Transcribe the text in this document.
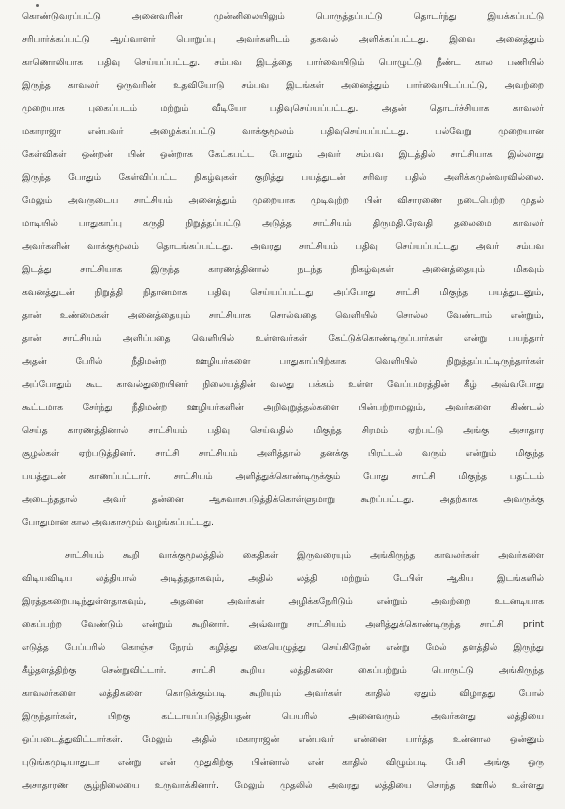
கொண்டுவரப்பட்டு அனைவரின் முன்னிலையிலும் பொருத்தப்பட்டு தொடர்ந்து இயக்கப்பட்டு
சரிபார்க்கப்பட்டு ஆய்வாளர் பொறுப்பு அவர்களிடம் தகவல் அளிக்கப்பட்டது. இவை அனைத்தும்
காணொலியாக பதிவு செய்யப்பட்டது. சம்பவ இடத்தை பார்வையிடும் பொழுட்டு நீண்ட கால பணியில்
இருந்த காவலர் ஒருவரின் உதவியோடு சம்பவ இடங்கள் அனைத்தும் பார்வையிடப்பட்டு, அவற்றை
முறையாக புகைப்படம் மற்றும் வீடியோ பதிவுசெய்யப்பட்டது. அதன் தொடர்ச்சியாக காவலர்
மகாராஜா என்பவர் அழைக்கப்பட்டு வாக்குமூலம் பதிவுசெய்யப்பட்டது. பல்வேறு முறையான
கேள்விகள் ஒன்றன் பின் ஒன்றாக கேட்கபட்ட போதும் அவர் சம்பவ இடத்தில் சாட்சியாக இல்லாது
இருந்த போதும் கேள்விப்பட்ட நிகழ்வுகள் குறித்து பயத்துடன் சரிவர பதில் அளிக்கமுன்வரவில்லை.
மேலும் அவருடைய சாட்சியம் அனைத்தும் முறையாக முடிவுற்ற பின் விசாரணை நடைபெற்ற முதல்
மாடியில் பாதுகாப்பு கருதி நிறுத்தப்பட்டு அடுத்த சாட்சியம் திருமதி.ரேவதி தலைமை காவலர்
அவர்களின் வாக்குமூலம் தொடங்கப்பட்டது. அவரது சாட்சியம் பதிவு செய்யப்பட்டது அவர் சம்பவ
இடத்து சாட்சியாக இருந்த காரணத்தினால் நடந்த நிகழ்வுகள் அனைத்தையும் மிகவும்
கவனத்துடன் நிறுத்தி நிதானமாக பதிவு செய்யப்பட்டது அப்போது சாட்சி மிகுந்த பயத்துடனும்,
தான் உண்மைகள் அனைத்தையும் சாட்சியாக சொல்வதை வெளியில் சொல்ல வேண்டாம் என்றும்,
தான் சாட்சியம் அளிப்பதை வெளியில் உள்ளவர்கள் கேட்டுக்கொண்டிருப்பார்கள் என்று பயந்தார்
அதன் பேரில் நீதிமன்ற ஊழியர்களை பாதுகாப்பிற்காக வெளியில் நிறுத்தப்பட்டிருந்தார்கள்
அப்போதும் கூட காவல்துறையினர் நிலையத்தின் வலது பக்கம் உள்ள வேப்பமரத்தின் கீழ் அவ்வபோது
கூட்டமாக சேர்ந்து நீதிமன்ற ஊழியர்களின் அறிவுறுத்தல்களை பின்பற்றாமலும், அவர்களை கிண்டல்
செய்த காரணத்தினால் சாட்சியம் பதிவு செய்வதில் மிகுந்த சிரமம் ஏற்பட்டு அங்கு அசாதார
சூழல்கள் ஏற்படுத்தினர். சாட்சி சாட்சியம் அளித்தால் தனக்கு பிரட்டல் வரும் என்றும் மிகுந்த
பயத்துடன் காணப்பட்டார். சாட்சியம் அளித்துக்கொண்டிருக்கும் போது சாட்சி மிகுந்த பதட்டம்
அடைந்ததால் அவர் தன்னை ஆசுவாசபடுத்திக்கொள்ளுமாறு கூறப்பட்டது. அதற்காக அவருக்கு
போதுமான கால அவகாசமும் வழங்கப்பட்டது.
சாட்சியம் கூறி வாக்குமூலத்தில் கைதிகள் இருவரையும் அங்கிருந்த காவலர்கள் அவர்களை
விடியவிடிய லத்தியால் அடித்ததாகவும், அதில் லத்தி மற்றும் டேபிள் ஆகிய இடங்களில்
இரத்தகறைபடிந்துள்ளதாகவும், அதனை அவர்கள் அழிக்கநேரிடும் என்றும் அவற்றை உடனடியாக
கைப்பற்ற வேண்டும் என்றும் கூறினார். அவ்வாறு சாட்சியம் அளித்துக்கொண்டிருந்த சாட்சி print
எடுத்த பேப்பரில் கொஞ்ச நேரம் கழித்து கையெழுத்து செய்கிறேன் என்று மேல் தளத்தில் இருந்து
கீழ்தளத்திற்கு சென்றுவிட்டார். சாட்சி கூறிய லத்திகளை கைப்பற்றும் பொருட்டு அங்கிருந்த
காவலர்களை லத்திகளை கொடுக்கும்படி கூறியும் அவர்கள் காதில் ஏதும் விழாதது போல்
இருந்தார்கள், பிறகு கட்டாயப்படுத்தியதன் பெயரில் அனைவரும் அவர்களது லத்தியை
ஒப்படைத்துவிட்டார்கள். மேலும் அதில் மகாராஜன் என்பவர் என்னை பார்த்த உன்னால ஒன்னும்
புடுங்கமுடியாதுடா என்று என் முதுகிற்கு பின்னால் என் காதில் விழும்படி பேசி அங்கு ஒரு
அசாதாரண சூழ்நிலையை உருவாக்கினார். மேலும் முதலில் அவரது லத்தியை சொந்த ஊரில் உள்ளது
